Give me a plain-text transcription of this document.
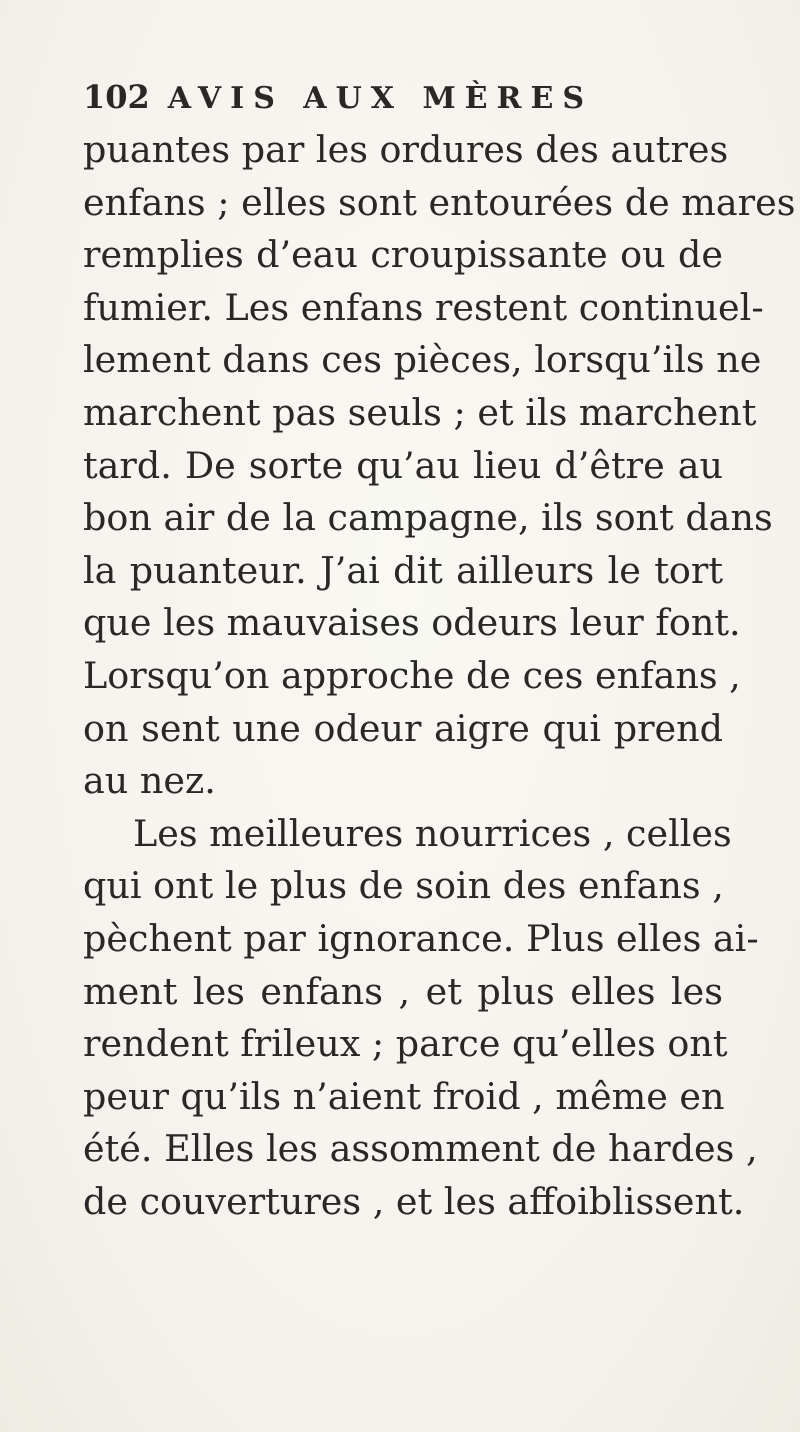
102 AVIS AUX MÈRES
puantes par les ordures des autres
enfans ; elles sont entourées de mares
remplies d’eau croupissante ou de
fumier. Les enfans restent continuel-
lement dans ces pièces, lorsqu’ils ne
marchent pas seuls ; et ils marchent
tard. De sorte qu’au lieu d’être au
bon air de la campagne, ils sont dans
la puanteur. J’ai dit ailleurs le tort
que les mauvaises odeurs leur font.
Lorsqu’on approche de ces enfans ,
on sent une odeur aigre qui prend
au nez.
Les meilleures nourrices , celles
qui ont le plus de soin des enfans ,
pèchent par ignorance. Plus elles ai-
ment les enfans , et plus elles les
rendent frileux ; parce qu’elles ont
peur qu’ils n’aient froid , même en
été. Elles les assomment de hardes ,
de couvertures , et les affoiblissent.
